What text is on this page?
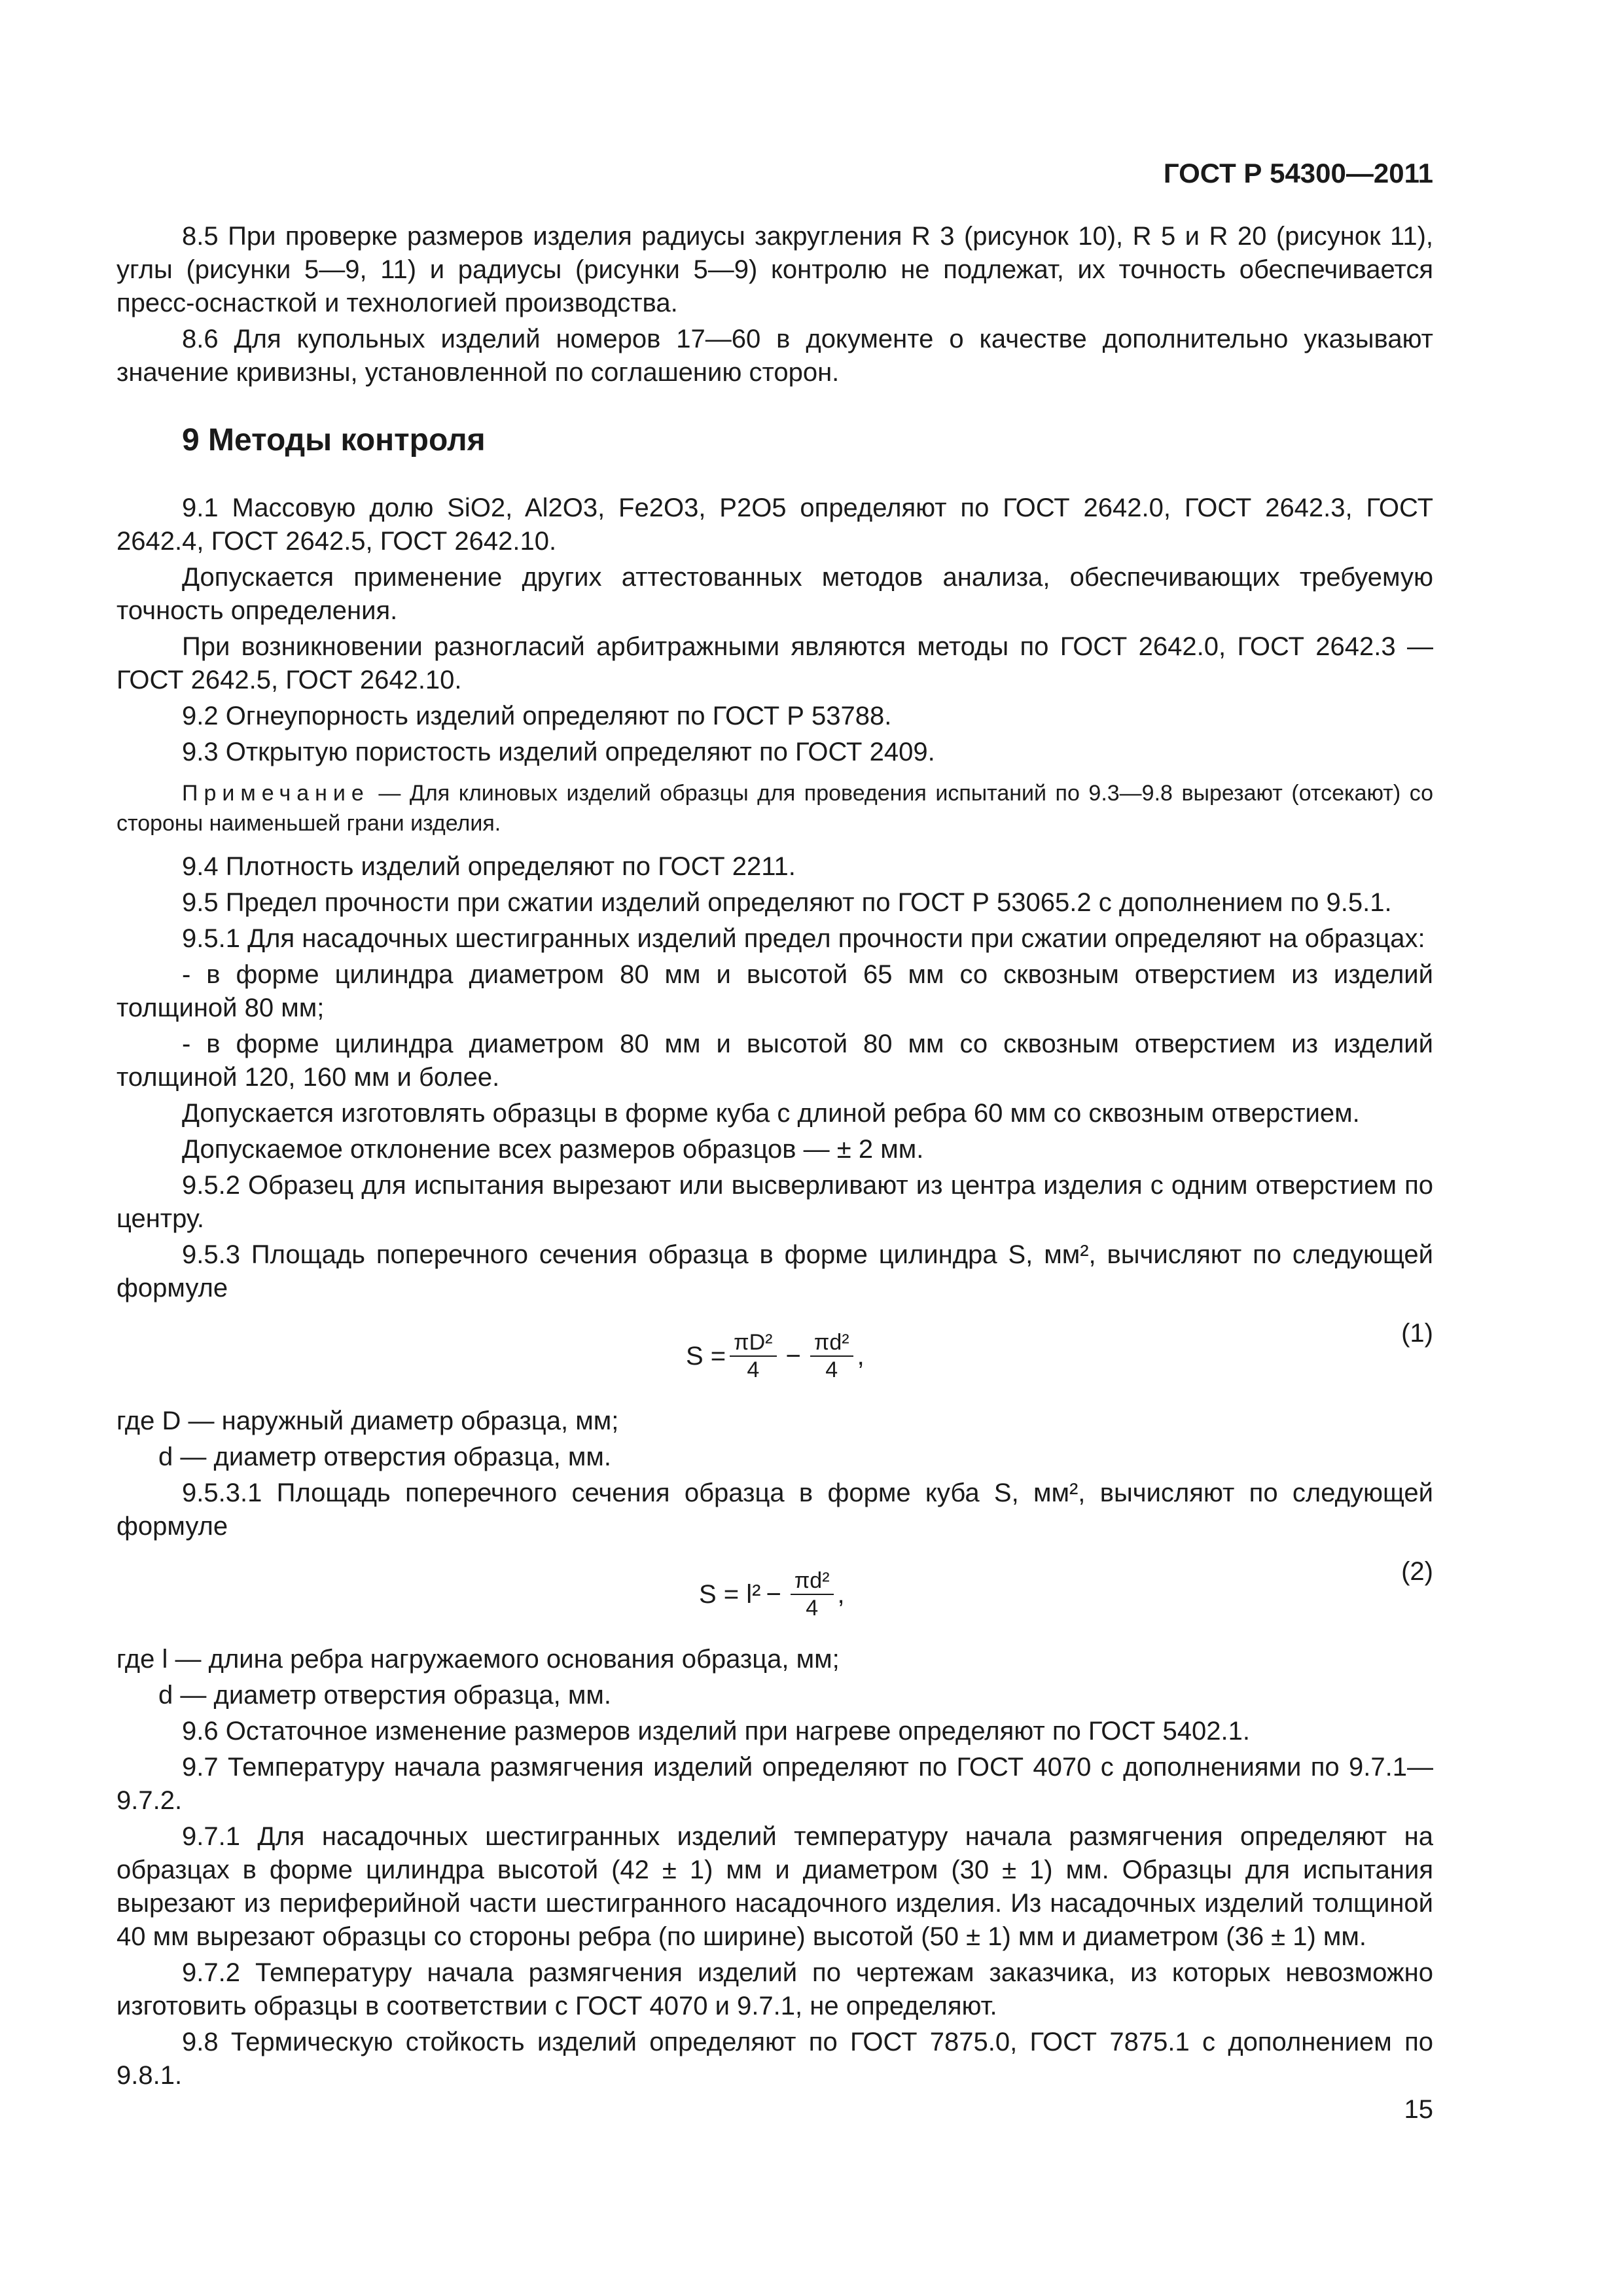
ГОСТ Р 54300—2011

8.5 При проверке размеров изделия радиусы закругления R 3 (рисунок 10), R 5 и R 20 (рисунок 11), углы (рисунки 5—9, 11) и радиусы (рисунки 5—9) контролю не подлежат, их точность обеспечивается пресс-оснасткой и технологией производства.

8.6 Для купольных изделий номеров 17—60 в документе о качестве дополнительно указывают значение кривизны, установленной по соглашению сторон.

9 Методы контроля

9.1 Массовую долю SiO2, Al2O3, Fe2O3, P2O5 определяют по ГОСТ 2642.0, ГОСТ 2642.3, ГОСТ 2642.4, ГОСТ 2642.5, ГОСТ 2642.10.

Допускается применение других аттестованных методов анализа, обеспечивающих требуемую точность определения.

При возникновении разногласий арбитражными являются методы по ГОСТ 2642.0, ГОСТ 2642.3 — ГОСТ 2642.5, ГОСТ 2642.10.

9.2 Огнеупорность изделий определяют по ГОСТ Р 53788.

9.3 Открытую пористость изделий определяют по ГОСТ 2409.

Примечание — Для клиновых изделий образцы для проведения испытаний по 9.3—9.8 вырезают (отсекают) со стороны наименьшей грани изделия.

9.4 Плотность изделий определяют по ГОСТ 2211.

9.5 Предел прочности при сжатии изделий определяют по ГОСТ Р 53065.2 с дополнением по 9.5.1.

9.5.1 Для насадочных шестигранных изделий предел прочности при сжатии определяют на образцах:

- в форме цилиндра диаметром 80 мм и высотой 65 мм со сквозным отверстием из изделий толщиной 80 мм;

- в форме цилиндра диаметром 80 мм и высотой 80 мм со сквозным отверстием из изделий толщиной 120, 160 мм и более.

Допускается изготовлять образцы в форме куба с длиной ребра 60 мм со сквозным отверстием.

Допускаемое отклонение всех размеров образцов — ± 2 мм.

9.5.2 Образец для испытания вырезают или высверливают из центра изделия с одним отверстием по центру.

9.5.3 Площадь поперечного сечения образца в форме цилиндра S, мм², вычисляют по следующей формуле

$S = \frac{\text{πD²}}{4} - \frac{\text{πd²}}{4}$ ,
(1)

где D — наружный диаметр образца, мм;

d — диаметр отверстия образца, мм.

9.5.3.1 Площадь поперечного сечения образца в форме куба S, мм², вычисляют по следующей формуле

$S = l^2 - \frac{\text{πd²}}{4}$ ,
(2)

где l — длина ребра нагружаемого основания образца, мм;

d — диаметр отверстия образца, мм.

9.6 Остаточное изменение размеров изделий при нагреве определяют по ГОСТ 5402.1.

9.7 Температуру начала размягчения изделий определяют по ГОСТ 4070 с дополнениями по 9.7.1—9.7.2.

9.7.1 Для насадочных шестигранных изделий температуру начала размягчения определяют на образцах в форме цилиндра высотой (42 ± 1) мм и диаметром (30 ± 1) мм. Образцы для испытания вырезают из периферийной части шестигранного насадочного изделия. Из насадочных изделий толщиной 40 мм вырезают образцы со стороны ребра (по ширине) высотой (50 ± 1) мм и диаметром (36 ± 1) мм.

9.7.2 Температуру начала размягчения изделий по чертежам заказчика, из которых невозможно изготовить образцы в соответствии с ГОСТ 4070 и 9.7.1, не определяют.

9.8 Термическую стойкость изделий определяют по ГОСТ 7875.0, ГОСТ 7875.1 с дополнением по 9.8.1.

15
